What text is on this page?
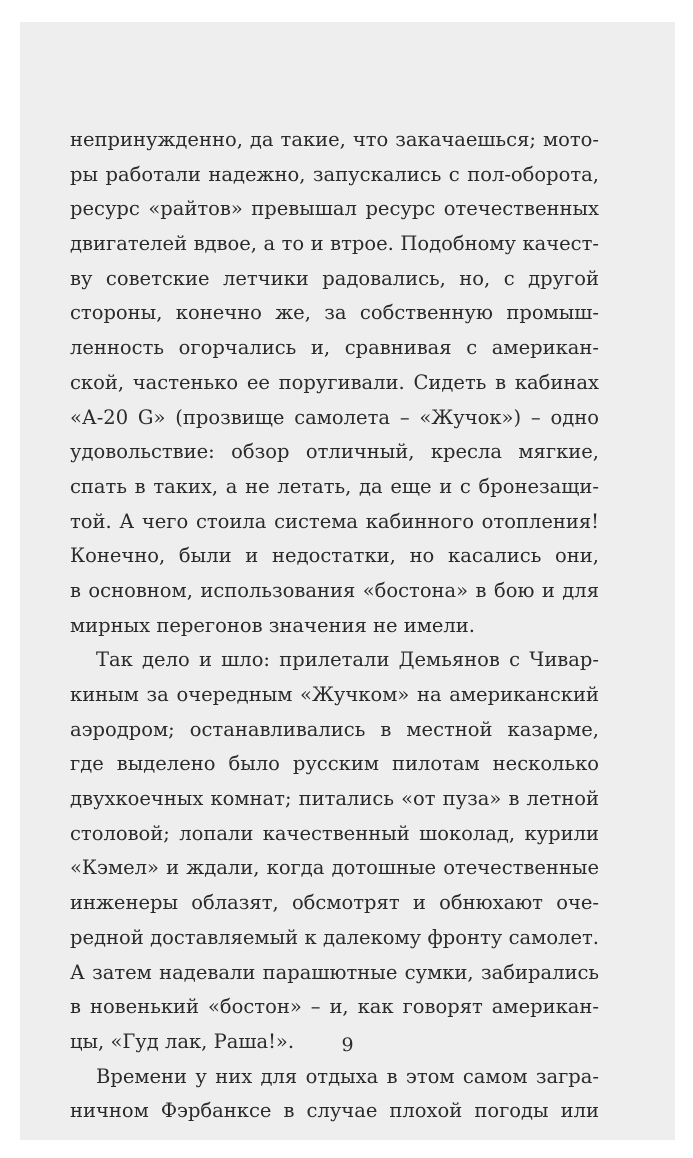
непринужденно, да такие, что закачаешься; мото-
ры работали надежно, запускались с пол-оборота,
ресурс «райтов» превышал ресурс отечественных
двигателей вдвое, а то и втрое. Подобному качест-
ву советские летчики радовались, но, с другой
стороны, конечно же, за собственную промыш-
ленность огорчались и, сравнивая с американ-
ской, частенько ее поругивали. Сидеть в кабинах
«А-20 G» (прозвище самолета – «Жучок») – одно
удовольствие: обзор отличный, кресла мягкие,
спать в таких, а не летать, да еще и с бронезащи-
той. А чего стоила система кабинного отопления!
Конечно, были и недостатки, но касались они,
в основном, использования «бостона» в бою и для
мирных перегонов значения не имели.
Так дело и шло: прилетали Демьянов с Чивар-
киным за очередным «Жучком» на американский
аэродром; останавливались в местной казарме,
где выделено было русским пилотам несколько
двухкоечных комнат; питались «от пуза» в летной
столовой; лопали качественный шоколад, курили
«Кэмел» и ждали, когда дотошные отечественные
инженеры облазят, обсмотрят и обнюхают оче-
редной доставляемый к далекому фронту самолет.
А затем надевали парашютные сумки, забирались
в новенький «бостон» – и, как говорят американ-
цы, «Гуд лак, Раша!».
Времени у них для отдыха в этом самом загра-
ничном Фэрбанксе в случае плохой погоды или
9
